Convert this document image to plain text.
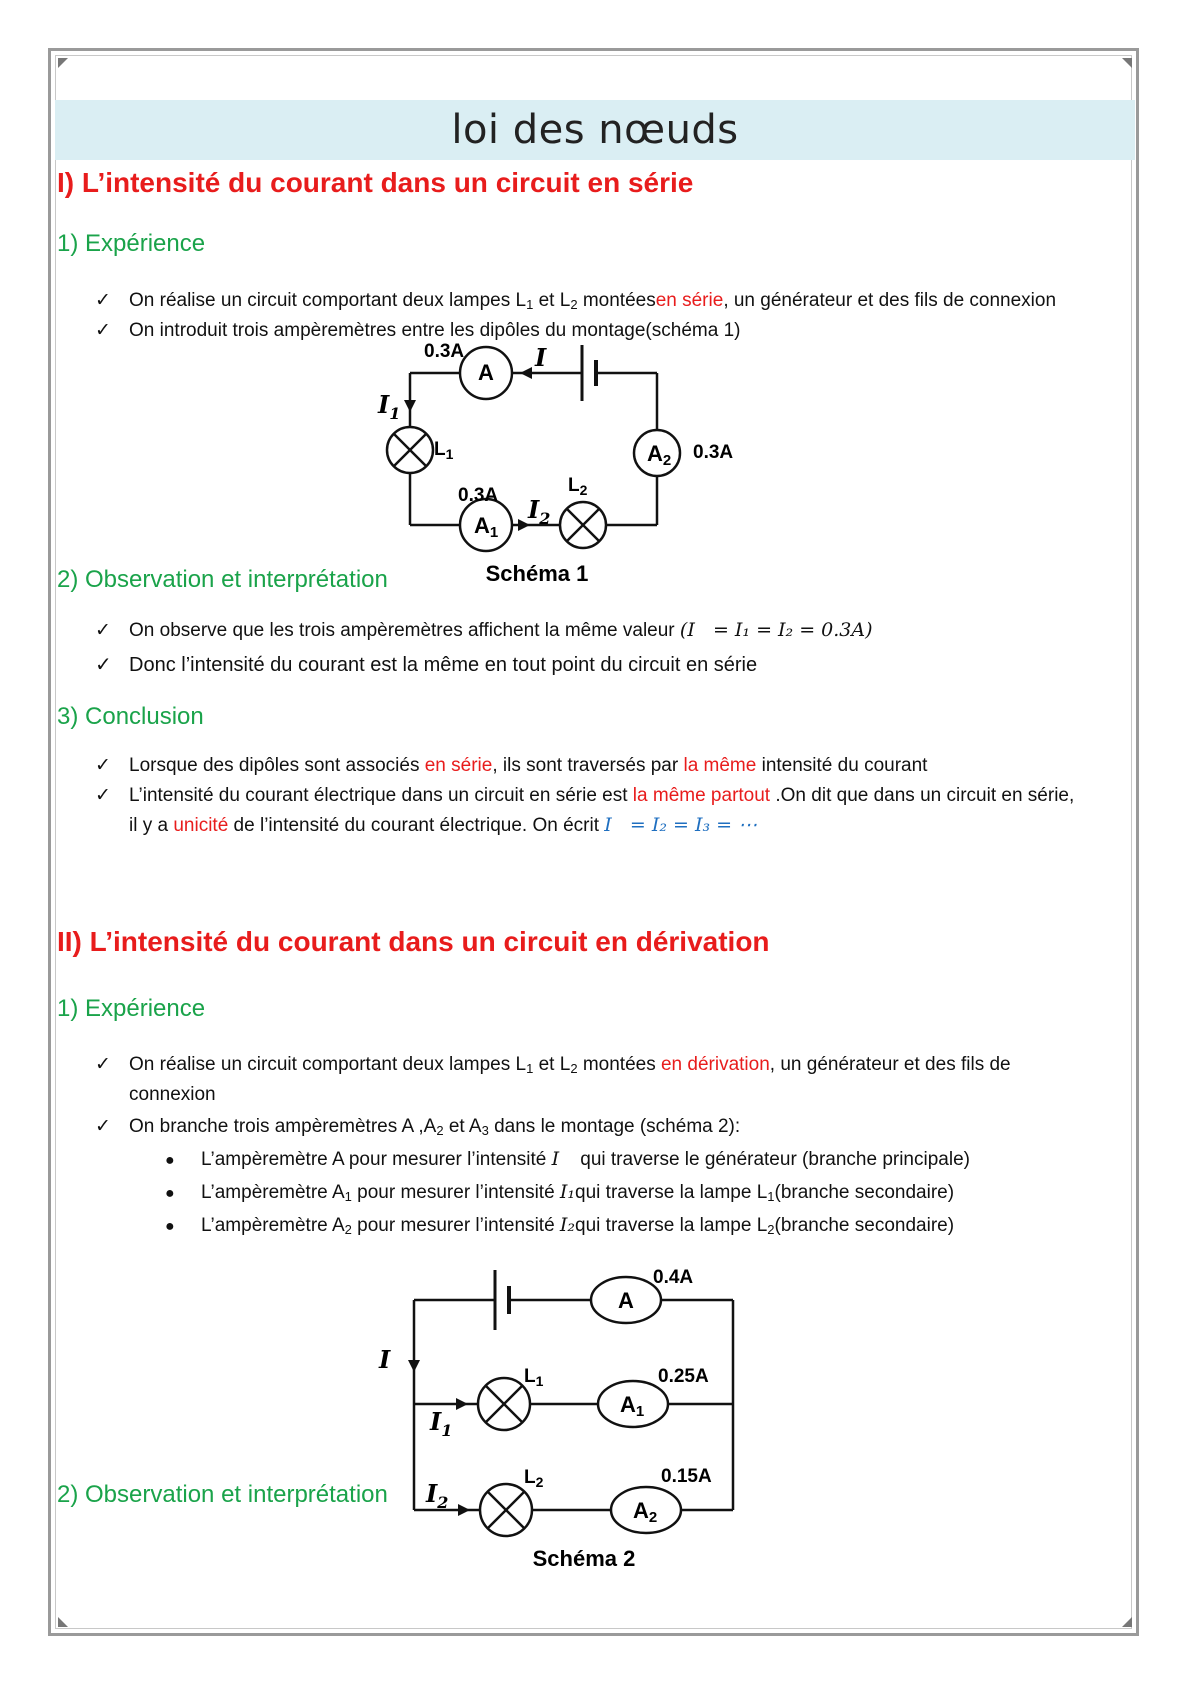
loi des nœuds
I) L’intensité du courant dans un circuit en série
1) Expérience
✓ On réalise un circuit comportant deux lampes $L_1$ et $L_2$ montéesen série, un générateur et des fils de connexion
✓ On introduit trois ampèremètres entre les dipôles du montage(schéma 1)
0.3A
A
I
$I_1$
$L_1$	A2 0.3A
0.3A
A1
$I_2$
$L_2$
Schéma 1
2) Observation et interprétation
✓ On observe que les trois ampèremètres affichent la même valeur (I   = I₁ = I₂ = 0.3A)
✓ Donc l’intensité du courant est la même en tout point du circuit en série
3) Conclusion
✓ Lorsque des dipôles sont associés en série, ils sont traversés par la même intensité du courant
✓ L’intensité du courant électrique dans un circuit en série est la même partout .On dit que dans un circuit en série,
il y a unicité de l’intensité du courant électrique. On écrit I   = I₂ = I₃ = ⋯
II) L’intensité du courant dans un circuit en dérivation
1) Expérience
✓ On réalise un circuit comportant deux lampes $L_1$ et $L_2$ montées en dérivation, un générateur et des fils de
connexion
✓ On branche trois ampèremètres A $,A_2$ et $A_3$ dans le montage (schéma 2):
● L’ampèremètre A pour mesurer l’intensité I    qui traverse le générateur (branche principale)
● L’ampèremètre $A_1$ pour mesurer l’intensité I₁qui traverse la lampe $L_1(branche$ secondaire)
● L’ampèremètre $A_2$ pour mesurer l’intensité I₂qui traverse la lampe $L_2(branche$ secondaire)
0.4A
A
I
$L_1$	0.25A
A1
$I_1$
$L_2$	0.15A
A2
$I_2$
Schéma 2
2) Observation et interprétation
